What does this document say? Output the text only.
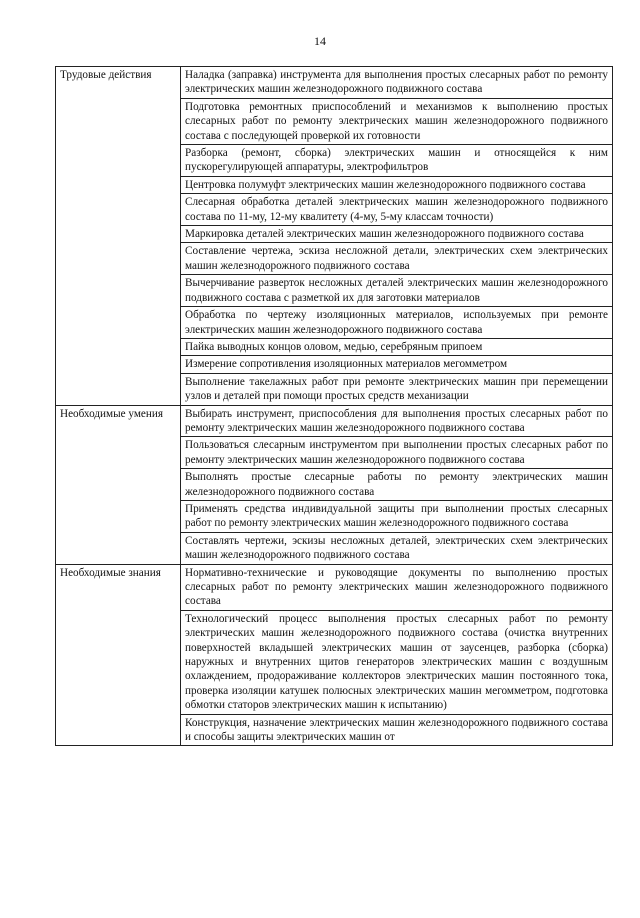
14
Трудовые действия	Наладка (заправка) инструмента для выполнения простых слесарных работ по ремонту электрических машин железнодорожного подвижного состава
	Подготовка ремонтных приспособлений и механизмов к выполнению простых слесарных работ по ремонту электрических машин железнодорожного подвижного состава с последующей проверкой их готовности
	Разборка (ремонт, сборка) электрических машин и относящейся к ним пускорегулирующей аппаратуры, электрофильтров
	Центровка полумуфт электрических машин железнодорожного подвижного состава
	Слесарная обработка деталей электрических машин железнодорожного подвижного состава по 11-му, 12-му квалитету (4-му, 5-му классам точности)
	Маркировка деталей электрических машин железнодорожного подвижного состава
	Составление чертежа, эскиза несложной детали, электрических схем электрических машин железнодорожного подвижного состава
	Вычерчивание разверток несложных деталей электрических машин железнодорожного подвижного состава с разметкой их для заготовки материалов
	Обработка по чертежу изоляционных материалов, используемых при ремонте электрических машин железнодорожного подвижного состава
	Пайка выводных концов оловом, медью, серебряным припоем
	Измерение сопротивления изоляционных материалов мегомметром
	Выполнение такелажных работ при ремонте электрических машин при перемещении узлов и деталей при помощи простых средств механизации
Необходимые умения	Выбирать инструмент, приспособления для выполнения простых слесарных работ по ремонту электрических машин железнодорожного подвижного состава
	Пользоваться слесарным инструментом при выполнении простых слесарных работ по ремонту электрических машин железнодорожного подвижного состава
	Выполнять простые слесарные работы по ремонту электрических машин железнодорожного подвижного состава
	Применять средства индивидуальной защиты при выполнении простых слесарных работ по ремонту электрических машин железнодорожного подвижного состава
	Составлять чертежи, эскизы несложных деталей, электрических схем электрических машин железнодорожного подвижного состава
Необходимые знания	Нормативно-технические и руководящие документы по выполнению простых слесарных работ по ремонту электрических машин железнодорожного подвижного состава
	Технологический процесс выполнения простых слесарных работ по ремонту электрических машин железнодорожного подвижного состава (очистка внутренних поверхностей вкладышей электрических машин от заусенцев, разборка (сборка) наружных и внутренних щитов генераторов электрических машин с воздушным охлаждением, продораживание коллекторов электрических машин постоянного тока, проверка изоляции катушек полюсных электрических машин мегомметром, подготовка обмотки статоров электрических машин к испытанию)

	Конструкция, назначение электрических машин железнодорожного подвижного состава и способы защиты электрических машин от
